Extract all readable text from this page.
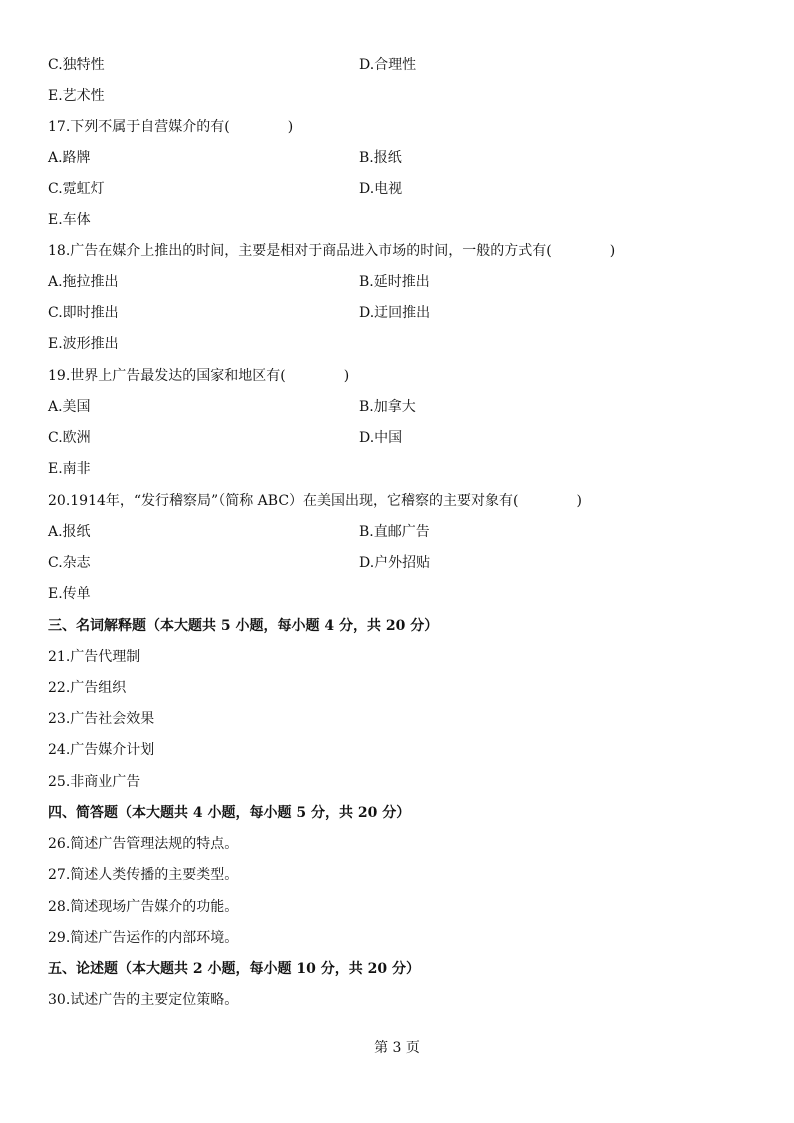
C.独特性	D.合理性
E.艺术性
17.下列不属于自营媒介的有(	)
A.路牌	B.报纸
C.霓虹灯	D.电视
E.车体
18.广告在媒介上推出的时间，主要是相对于商品进入市场的时间，一般的方式有(	)
A.拖拉推出	B.延时推出
C.即时推出	D.迂回推出
E.波形推出
19.世界上广告最发达的国家和地区有(	)
A.美国	B.加拿大
C.欧洲	D.中国
E.南非
20.1914年，“发行稽察局”（简称 ABC）在美国出现，它稽察的主要对象有(	)
A.报纸	B.直邮广告
C.杂志	D.户外招贴
E.传单
三、名词解释题（本大题共 5 小题，每小题 4 分，共 20 分）
21.广告代理制
22.广告组织
23.广告社会效果
24.广告媒介计划
25.非商业广告
四、简答题（本大题共 4 小题，每小题 5 分，共 20 分）
26.简述广告管理法规的特点。
27.简述人类传播的主要类型。
28.简述现场广告媒介的功能。
29.简述广告运作的内部环境。
五、论述题（本大题共 2 小题，每小题 10 分，共 20 分）
30.试述广告的主要定位策略。
第 3 页
